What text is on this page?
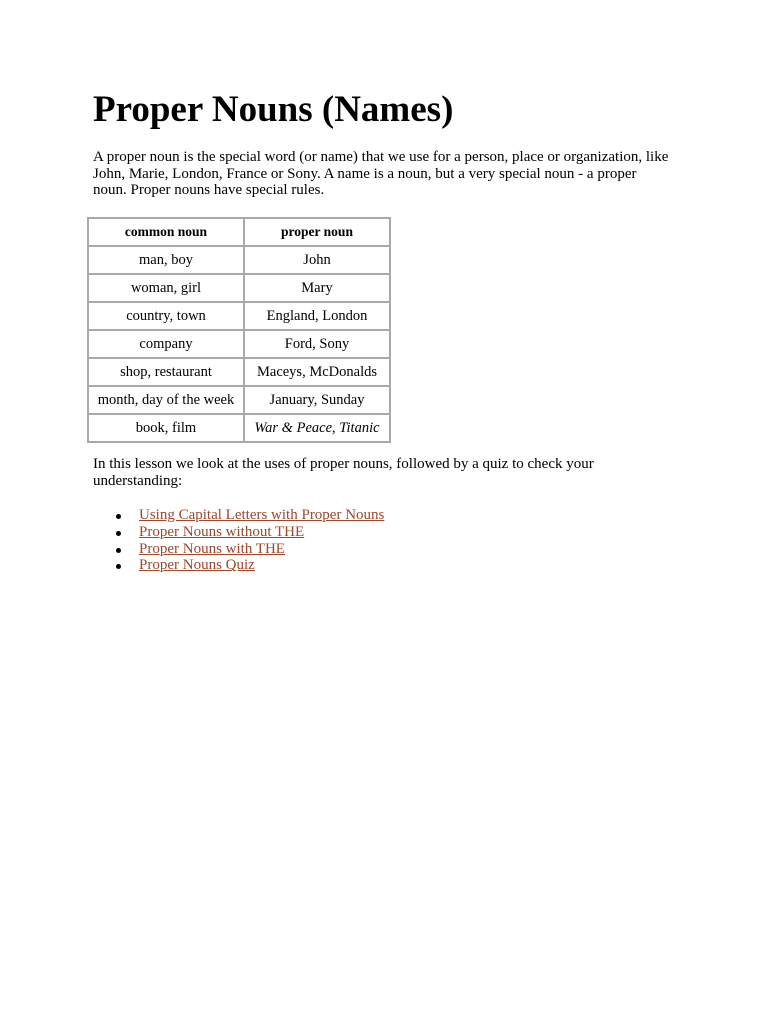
Proper Nouns (Names)

A proper noun is the special word (or name) that we use for a person, place or organization, like John, Marie, London, France or Sony. A name is a noun, but a very special noun - a proper noun. Proper nouns have special rules.

common noun	proper noun
man, boy	John
woman, girl	Mary
country, town	England, London
company	Ford, Sony
shop, restaurant	Maceys, McDonalds
month, day of the week	January, Sunday
book, film	War & Peace, Titanic

In this lesson we look at the uses of proper nouns, followed by a quiz to check your understanding:

Using Capital Letters with Proper Nouns
Proper Nouns without THE
Proper Nouns with THE
Proper Nouns Quiz
